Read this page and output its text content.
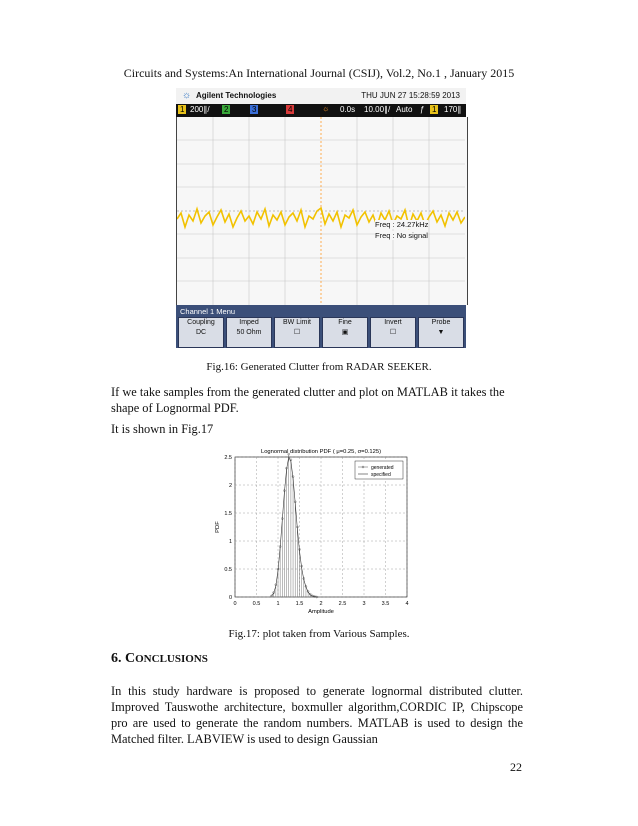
Circuits and Systems:An International Journal (CSIJ), Vol.2, No.1 , January 2015
☼ Agilent Technologies	THU JUN 27 15:28:59 2013
1 200∥/ 2	3	4	☼ 0.0s 10.00∥/ Auto ƒ 1 170∥
Freq : 24.27kHz
Freq : No signal
Channel 1 Menu
Coupling
DC
Imped
50 Ohm
BW Limit
☐
Fine
▣
Invert
☐
Probe
▼
Fig.16: Generated Clutter from RADAR SEEKER.
If we take samples from the generated clutter and plot on MATLAB it takes the shape of Lognormal PDF.
It is shown in Fig.17
0	0.5	1	1.5	2	2.5	3	3.5	4
0
0.5
1
1.5
2
2.5
Lognormal distribution PDF ( μ=0.25, σ=0.125)
Amplitude
PDF
generated
specified
Fig.17: plot taken from Various Samples.
6. CONCLUSIONS
In this study hardware is proposed to generate lognormal distributed clutter. Improved Tauswothe architecture, boxmuller algorithm,CORDIC IP, Chipscope pro are used to generate the random numbers. MATLAB is used to design the Matched filter. LABVIEW is used to design Gaussian
22
